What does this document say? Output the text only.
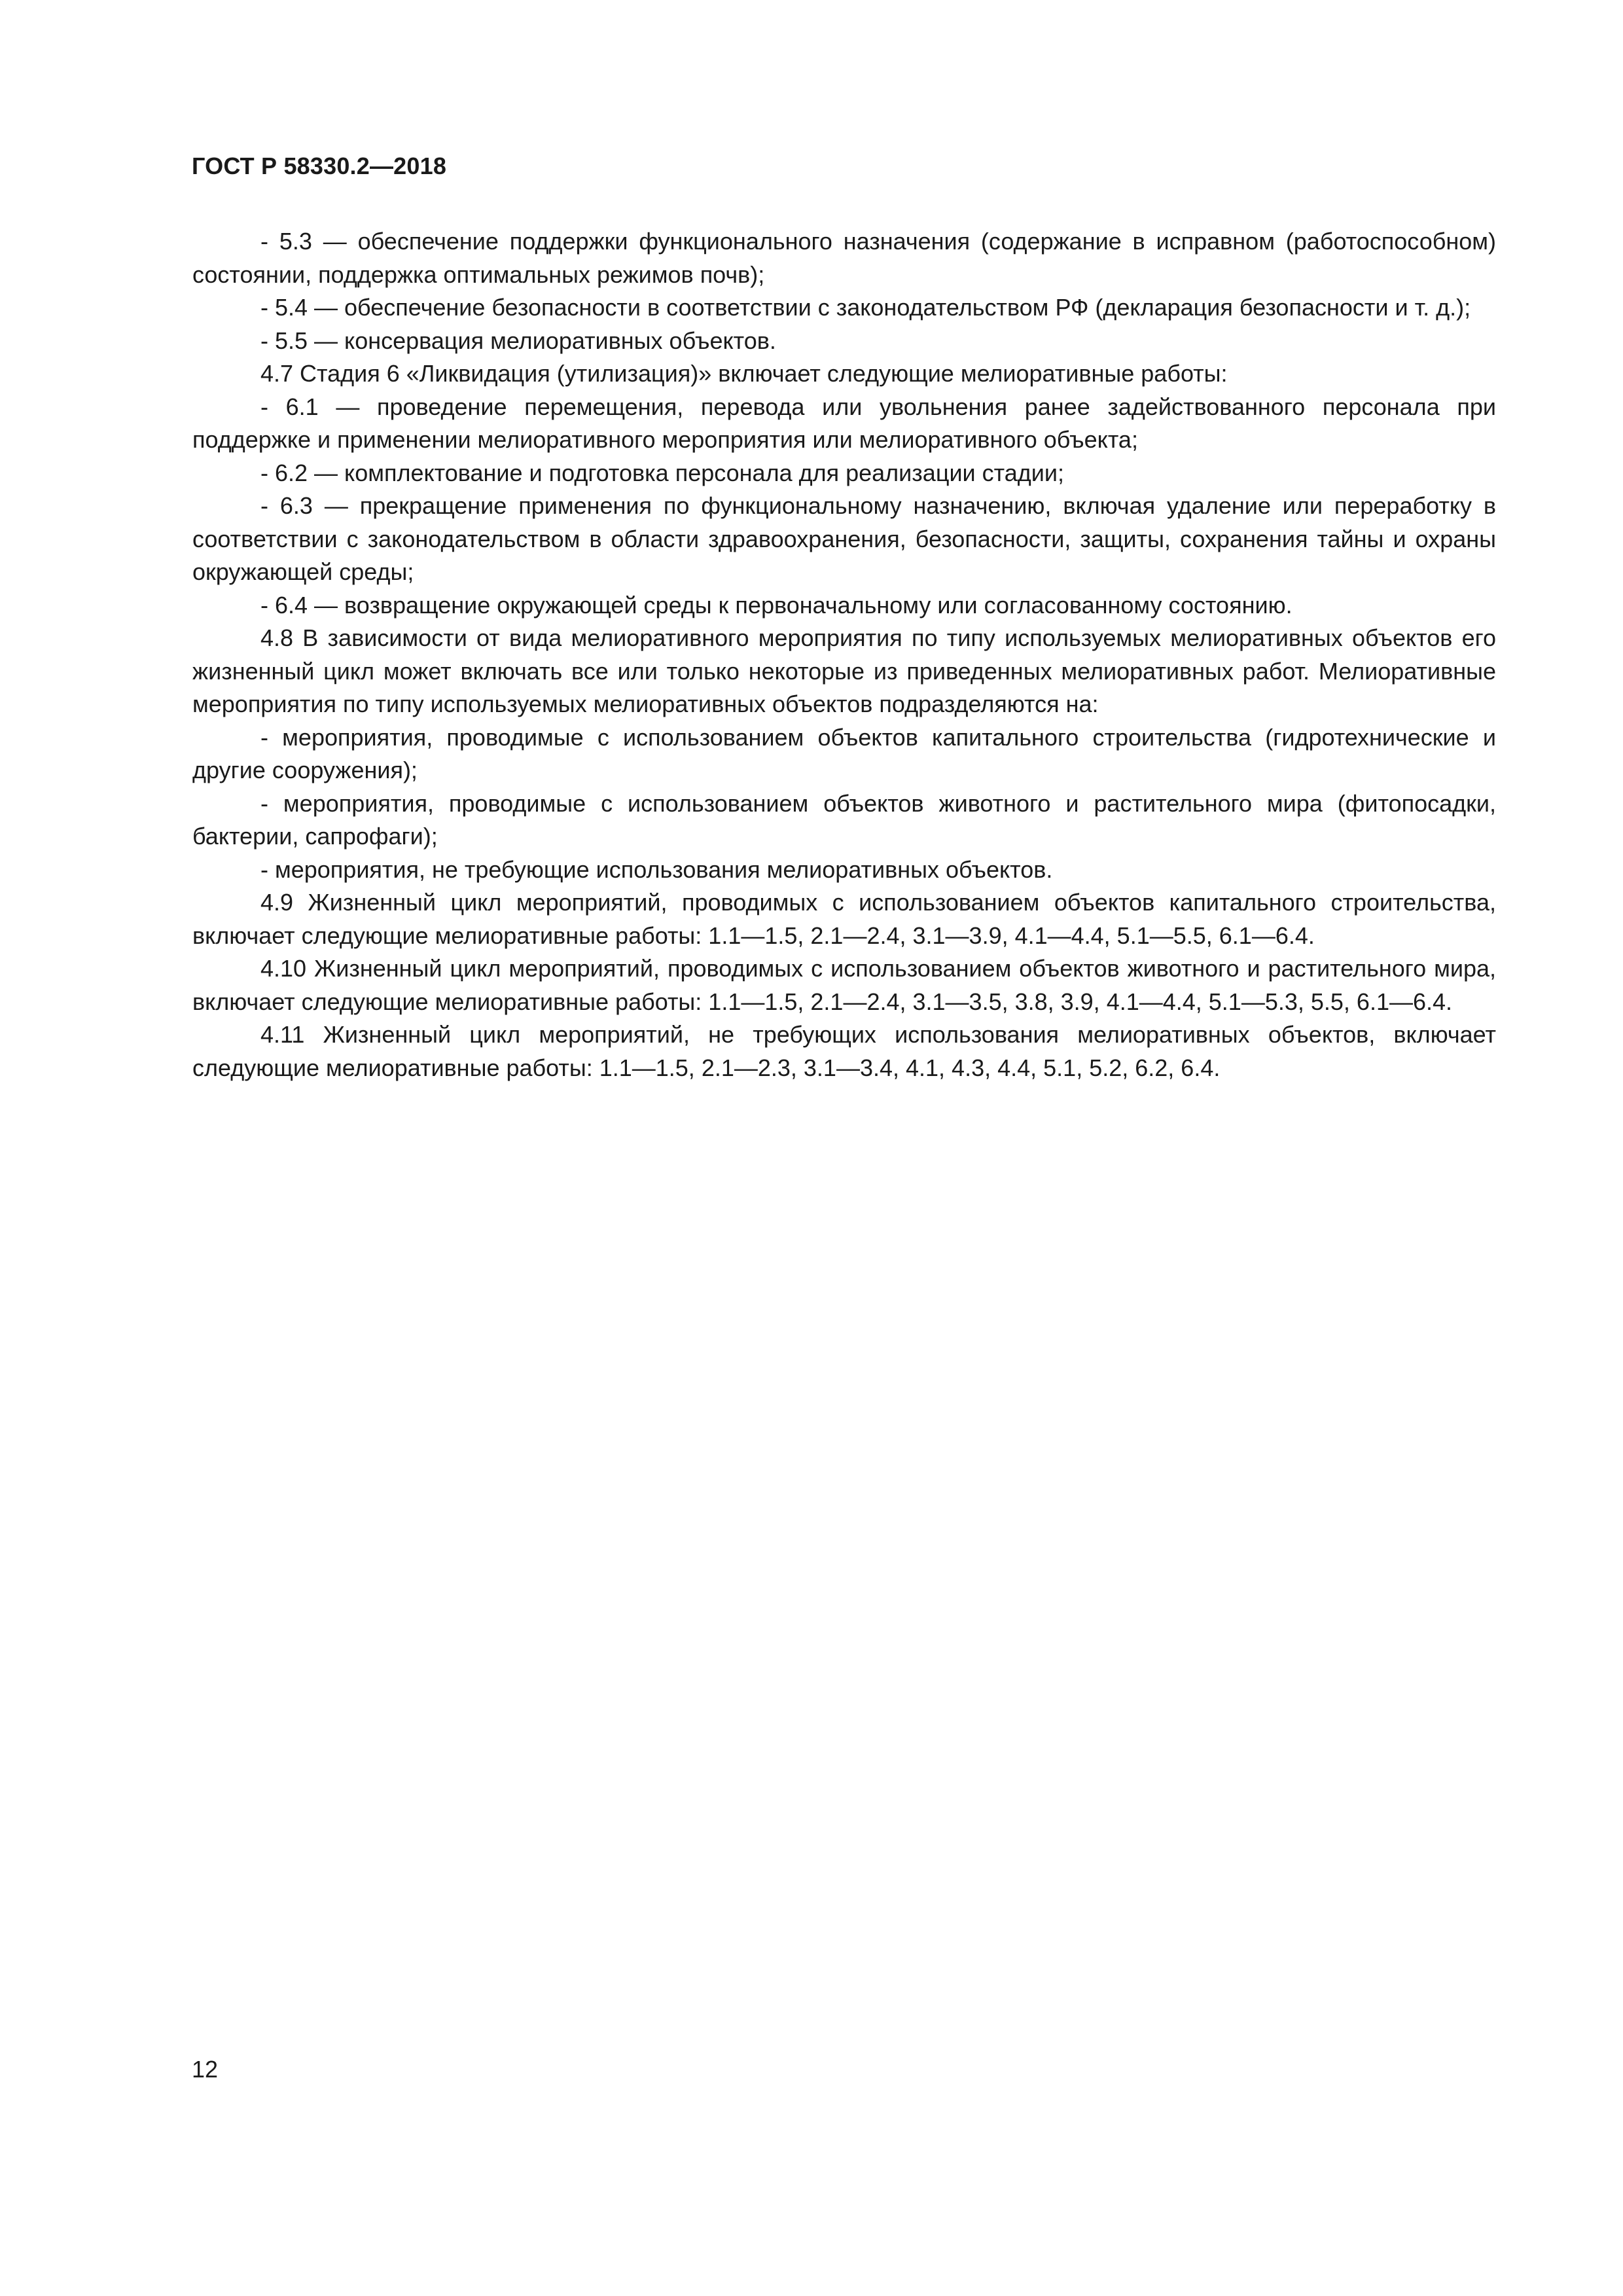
ГОСТ Р 58330.2—2018

- 5.3 — обеспечение поддержки функционального назначения (содержание в исправном (работоспособном) состоянии, поддержка оптимальных режимов почв);

- 5.4 — обеспечение безопасности в соответствии с законодательством РФ (декларация безопасности и т. д.);

- 5.5 — консервация мелиоративных объектов.

4.7 Стадия 6 «Ликвидация (утилизация)» включает следующие мелиоративные работы:

- 6.1 — проведение перемещения, перевода или увольнения ранее задействованного персонала при поддержке и применении мелиоративного мероприятия или мелиоративного объекта;

- 6.2 — комплектование и подготовка персонала для реализации стадии;

- 6.3 — прекращение применения по функциональному назначению, включая удаление или переработку в соответствии с законодательством в области здравоохранения, безопасности, защиты, сохранения тайны и охраны окружающей среды;

- 6.4 — возвращение окружающей среды к первоначальному или согласованному состоянию.

4.8 В зависимости от вида мелиоративного мероприятия по типу используемых мелиоративных объектов его жизненный цикл может включать все или только некоторые из приведенных мелиоративных работ. Мелиоративные мероприятия по типу используемых мелиоративных объектов подразделяются на:

- мероприятия, проводимые с использованием объектов капитального строительства (гидротехнические и другие сооружения);

- мероприятия, проводимые с использованием объектов животного и растительного мира (фитопосадки, бактерии, сапрофаги);

- мероприятия, не требующие использования мелиоративных объектов.

4.9 Жизненный цикл мероприятий, проводимых с использованием объектов капитального строительства, включает следующие мелиоративные работы: 1.1—1.5, 2.1—2.4, 3.1—3.9, 4.1—4.4, 5.1—5.5, 6.1—6.4.

4.10 Жизненный цикл мероприятий, проводимых с использованием объектов животного и растительного мира, включает следующие мелиоративные работы: 1.1—1.5, 2.1—2.4, 3.1—3.5, 3.8, 3.9, 4.1—4.4, 5.1—5.3, 5.5, 6.1—6.4.

4.11 Жизненный цикл мероприятий, не требующих использования мелиоративных объектов, включает следующие мелиоративные работы: 1.1—1.5, 2.1—2.3, 3.1—3.4, 4.1, 4.3, 4.4, 5.1, 5.2, 6.2, 6.4.

12
